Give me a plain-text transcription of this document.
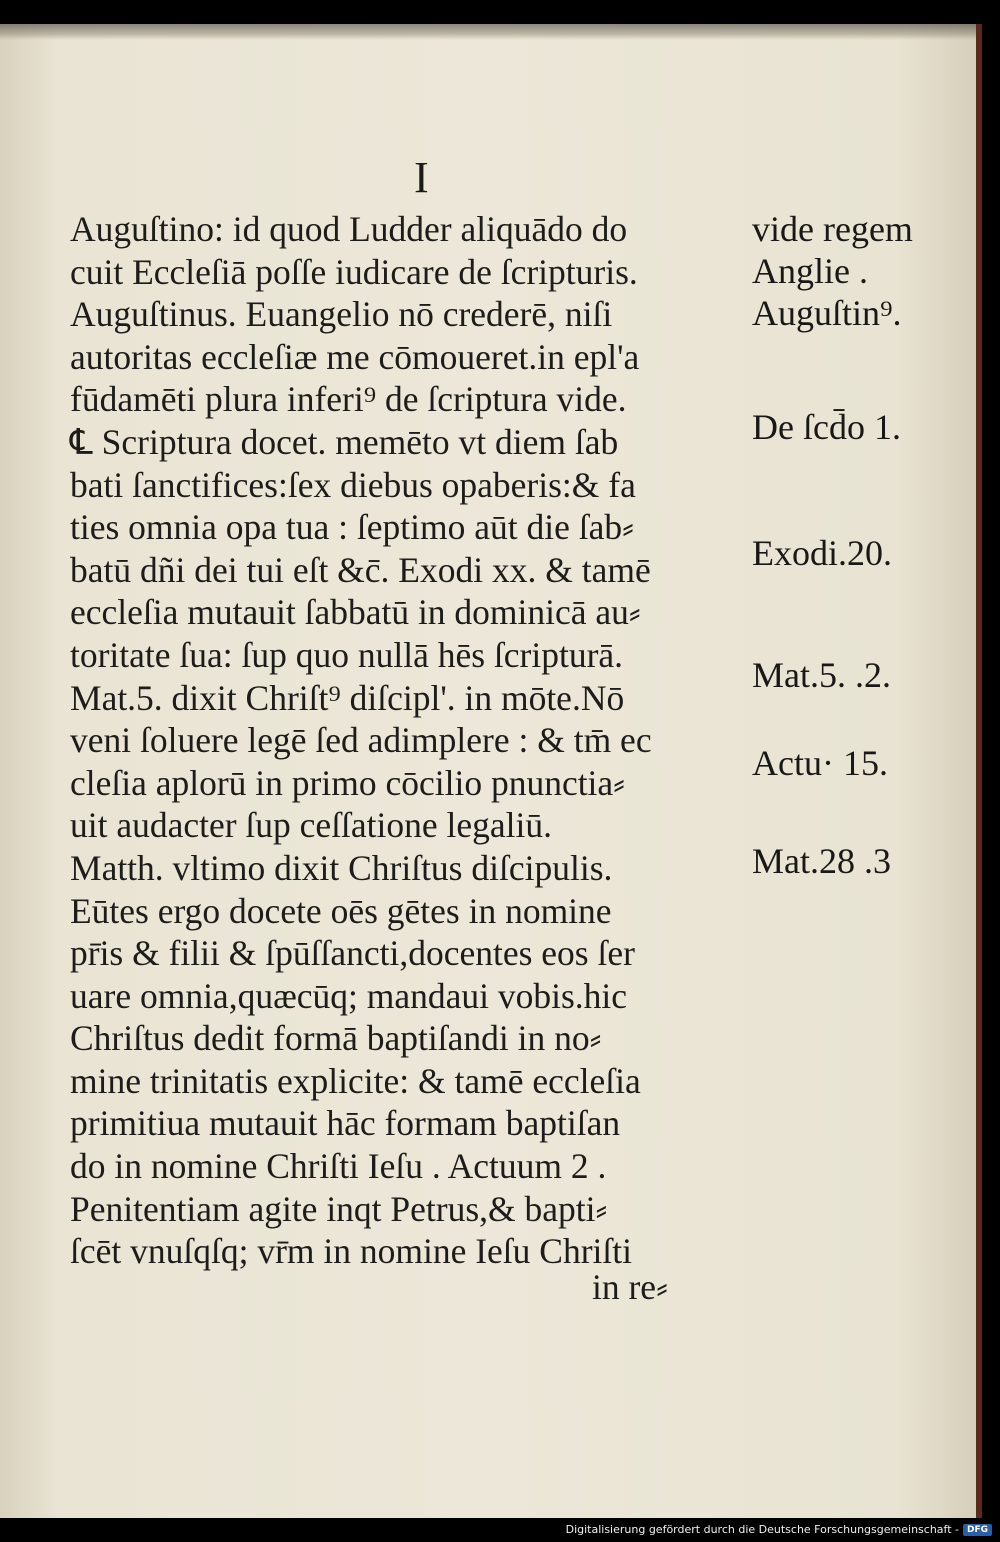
I
Auguſtino: id quod Ludder aliquādo do
cuit Eccleſiā poſſe iudicare de ſcripturis.
Auguſtinus. Euangelio nō crederē, niſi
autoritas eccleſiæ me cōmoueret.in epl'a
fūdamēti plura inferi⁹ de ſcriptura vide.
℄ Scriptura docet. memēto vt diem ſab
bati ſanctifices:ſex diebus opaberis:& fa
ties omnia opa tua : ſeptimo aūt die ſab⸗
batū dñi dei tui eſt &c̄. Exodi xx. & tamē
eccleſia mutauit ſabbatū in dominicā au⸗
toritate ſua: ſup quo nullā hēs ſcripturā.
Mat.5. dixit Chriſt⁹ diſcipl'. in mōte.Nō
veni ſoluere legē ſed adimplere : & tm̄ ec
cleſia aplorū in primo cōcilio pnunctia⸗
uit audacter ſup ceſſatione legaliū.
Matth. vltimo dixit Chriſtus diſcipulis.
Eūtes ergo docete oēs gētes in nomine
pr̄is & filii & ſpūſſancti,docentes eos ſer
uare omnia,quæcūq; mandaui vobis.hic
Chriſtus dedit formā baptiſandi in no⸗
mine trinitatis explicite: & tamē eccleſia
primitiua mutauit hāc formam baptiſan
do in nomine Chriſti Ieſu . Actuum 2 .
Penitentiam agite inqt Petrus,& bapti⸗
ſcēt vnuſqſq; vr̄m in nomine Ieſu Chriſti
in re⸗
vide regem
Anglie .
Auguſtin⁹.
De ſcd̄o 1.
Exodi.20.
Mat.5. .2.
Actu· 15.
Mat.28 .3
Digitalisierung gefördert durch die Deutsche Forschungsgemeinschaft - DFG
